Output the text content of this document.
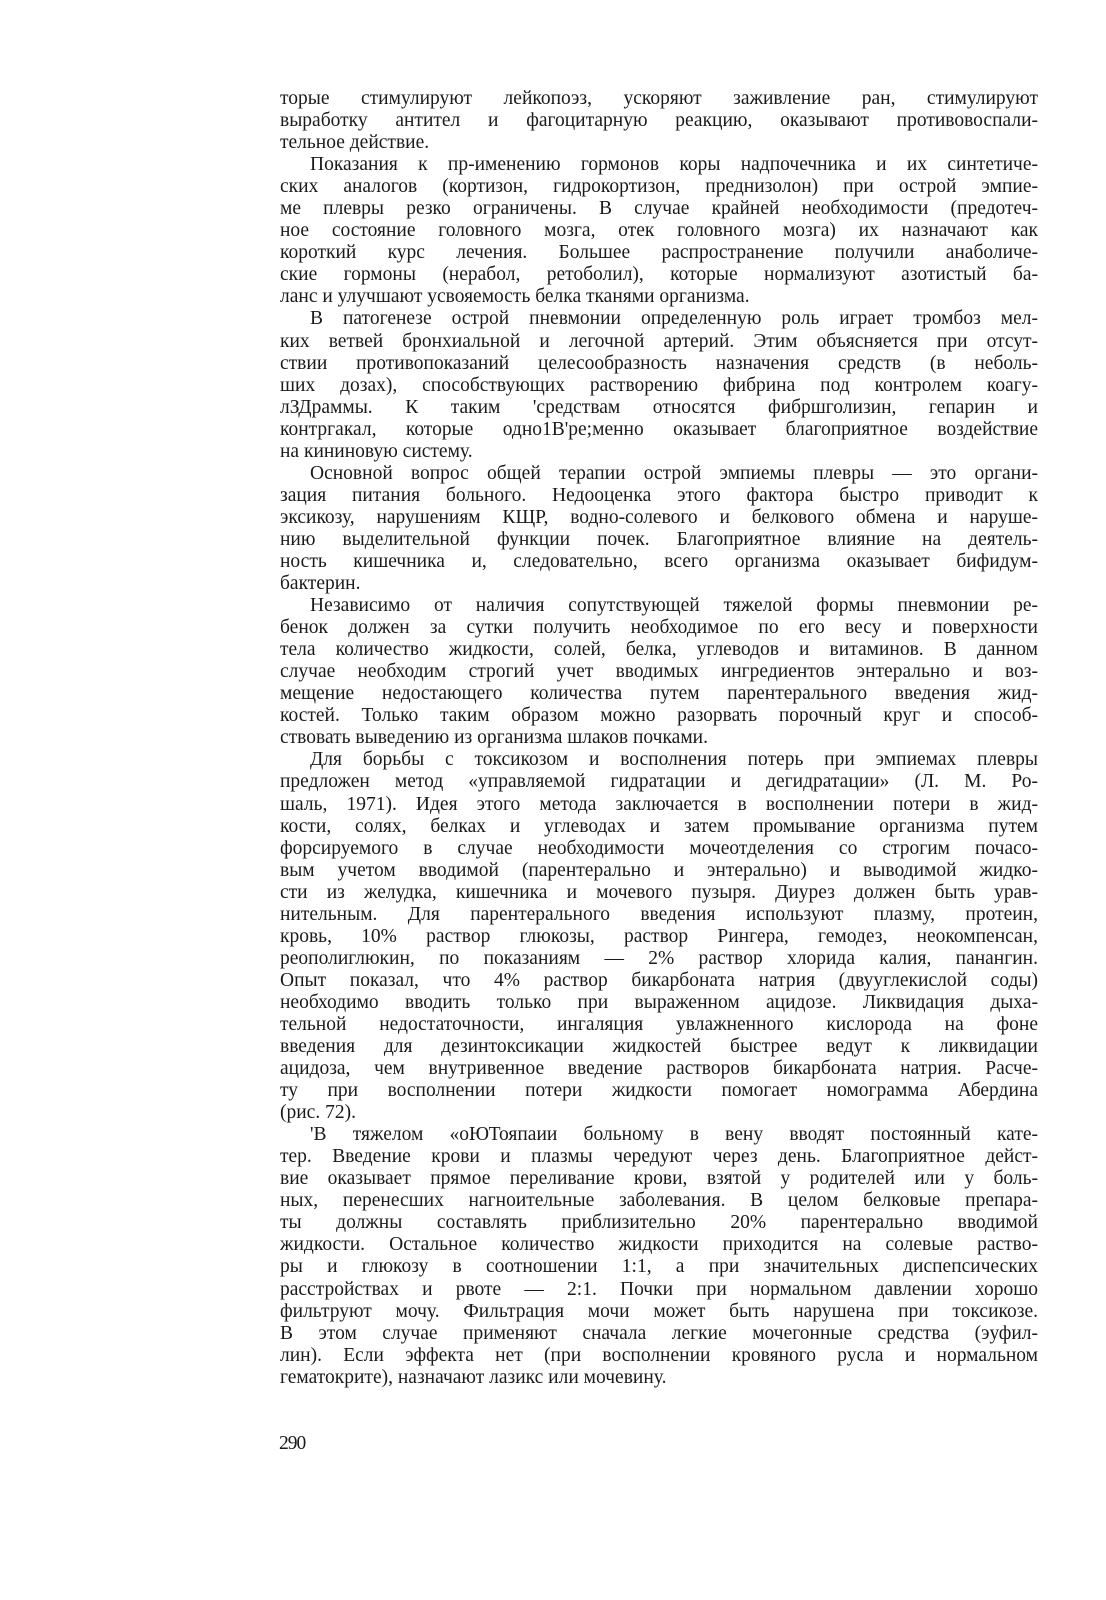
торые стимулируют лейкопоэз, ускоряют заживление ран, стимулируют
выработку антител и фагоцитарную реакцию, оказывают противовоспали-
тельное действие.
Показания к пр-именению гормонов коры надпочечника и их синтетиче-
ских аналогов (кортизон, гидрокортизон, преднизолон) при острой эмпие-
ме плевры резко ограничены. В случае крайней необходимости (предотеч-
ное состояние головного мозга, отек головного мозга) их назначают как
короткий курс лечения. Большее распространение получили анаболиче-
ские гормоны (нерабол, ретоболил), которые нормализуют азотистый ба-
ланс и улучшают усвояемость белка тканями организма.
В патогенезе острой пневмонии определенную роль играет тромбоз мел-
ких ветвей бронхиальной и легочной артерий. Этим объясняется при отсут-
ствии противопоказаний целесообразность назначения средств (в неболь-
ших дозах), способствующих растворению фибрина под контролем коагу-
лЗДраммы. К таким 'средствам относятся фибршголизин, гепарин и
контргакал, которые одно1В'ре;менно оказывает благоприятное воздействие
на кининовую систему.
Основной вопрос общей терапии острой эмпиемы плевры — это органи-
зация питания больного. Недооценка этого фактора быстро приводит к
эксикозу, нарушениям КЩР, водно-солевого и белкового обмена и наруше-
нию выделительной функции почек. Благоприятное влияние на деятель-
ность кишечника и, следовательно, всего организма оказывает бифидум-
бактерин.
Независимо от наличия сопутствующей тяжелой формы пневмонии ре-
бенок должен за сутки получить необходимое по его весу и поверхности
тела количество жидкости, солей, белка, углеводов и витаминов. В данном
случае необходим строгий учет вводимых ингредиентов энтерально и воз-
мещение недостающего количества путем парентерального введения жид-
костей. Только таким образом можно разорвать порочный круг и способ-
ствовать выведению из организма шлаков почками.
Для борьбы с токсикозом и восполнения потерь при эмпиемах плевры
предложен метод «управляемой гидратации и дегидратации» (Л. М. Ро-
шаль, 1971). Идея этого метода заключается в восполнении потери в жид-
кости, солях, белках и углеводах и затем промывание организма путем
форсируемого в случае необходимости мочеотделения со строгим почасо-
вым учетом вводимой (парентерально и энтерально) и выводимой жидко-
сти из желудка, кишечника и мочевого пузыря. Диурез должен быть урав-
нительным. Для парентерального введения используют плазму, протеин,
кровь, 10% раствор глюкозы, раствор Рингера, гемодез, неокомпенсан,
реополиглюкин, по показаниям — 2% раствор хлорида калия, панангин.
Опыт показал, что 4% раствор бикарбоната натрия (двууглекислой соды)
необходимо вводить только при выраженном ацидозе. Ликвидация дыха-
тельной недостаточности, ингаляция увлажненного кислорода на фоне
введения для дезинтоксикации жидкостей быстрее ведут к ликвидации
ацидоза, чем внутривенное введение растворов бикарбоната натрия. Расче-
ту при восполнении потери жидкости помогает номограмма Абердина
(рис. 72).
'В тяжелом «оЮТояпаии больному в вену вводят постоянный кате-
тер. Введение крови и плазмы чередуют через день. Благоприятное дейст-
вие оказывает прямое переливание крови, взятой у родителей или у боль-
ных, перенесших нагноительные заболевания. В целом белковые препара-
ты должны составлять приблизительно 20% парентерально вводимой
жидкости. Остальное количество жидкости приходится на солевые раство-
ры и глюкозу в соотношении 1:1, а при значительных диспепсических
расстройствах и рвоте — 2:1. Почки при нормальном давлении хорошо
фильтруют мочу. Фильтрация мочи может быть нарушена при токсикозе.
В этом случае применяют сначала легкие мочегонные средства (эуфил-
лин). Если эффекта нет (при восполнении кровяного русла и нормальном
гематокрите), назначают лазикс или мочевину.
290
